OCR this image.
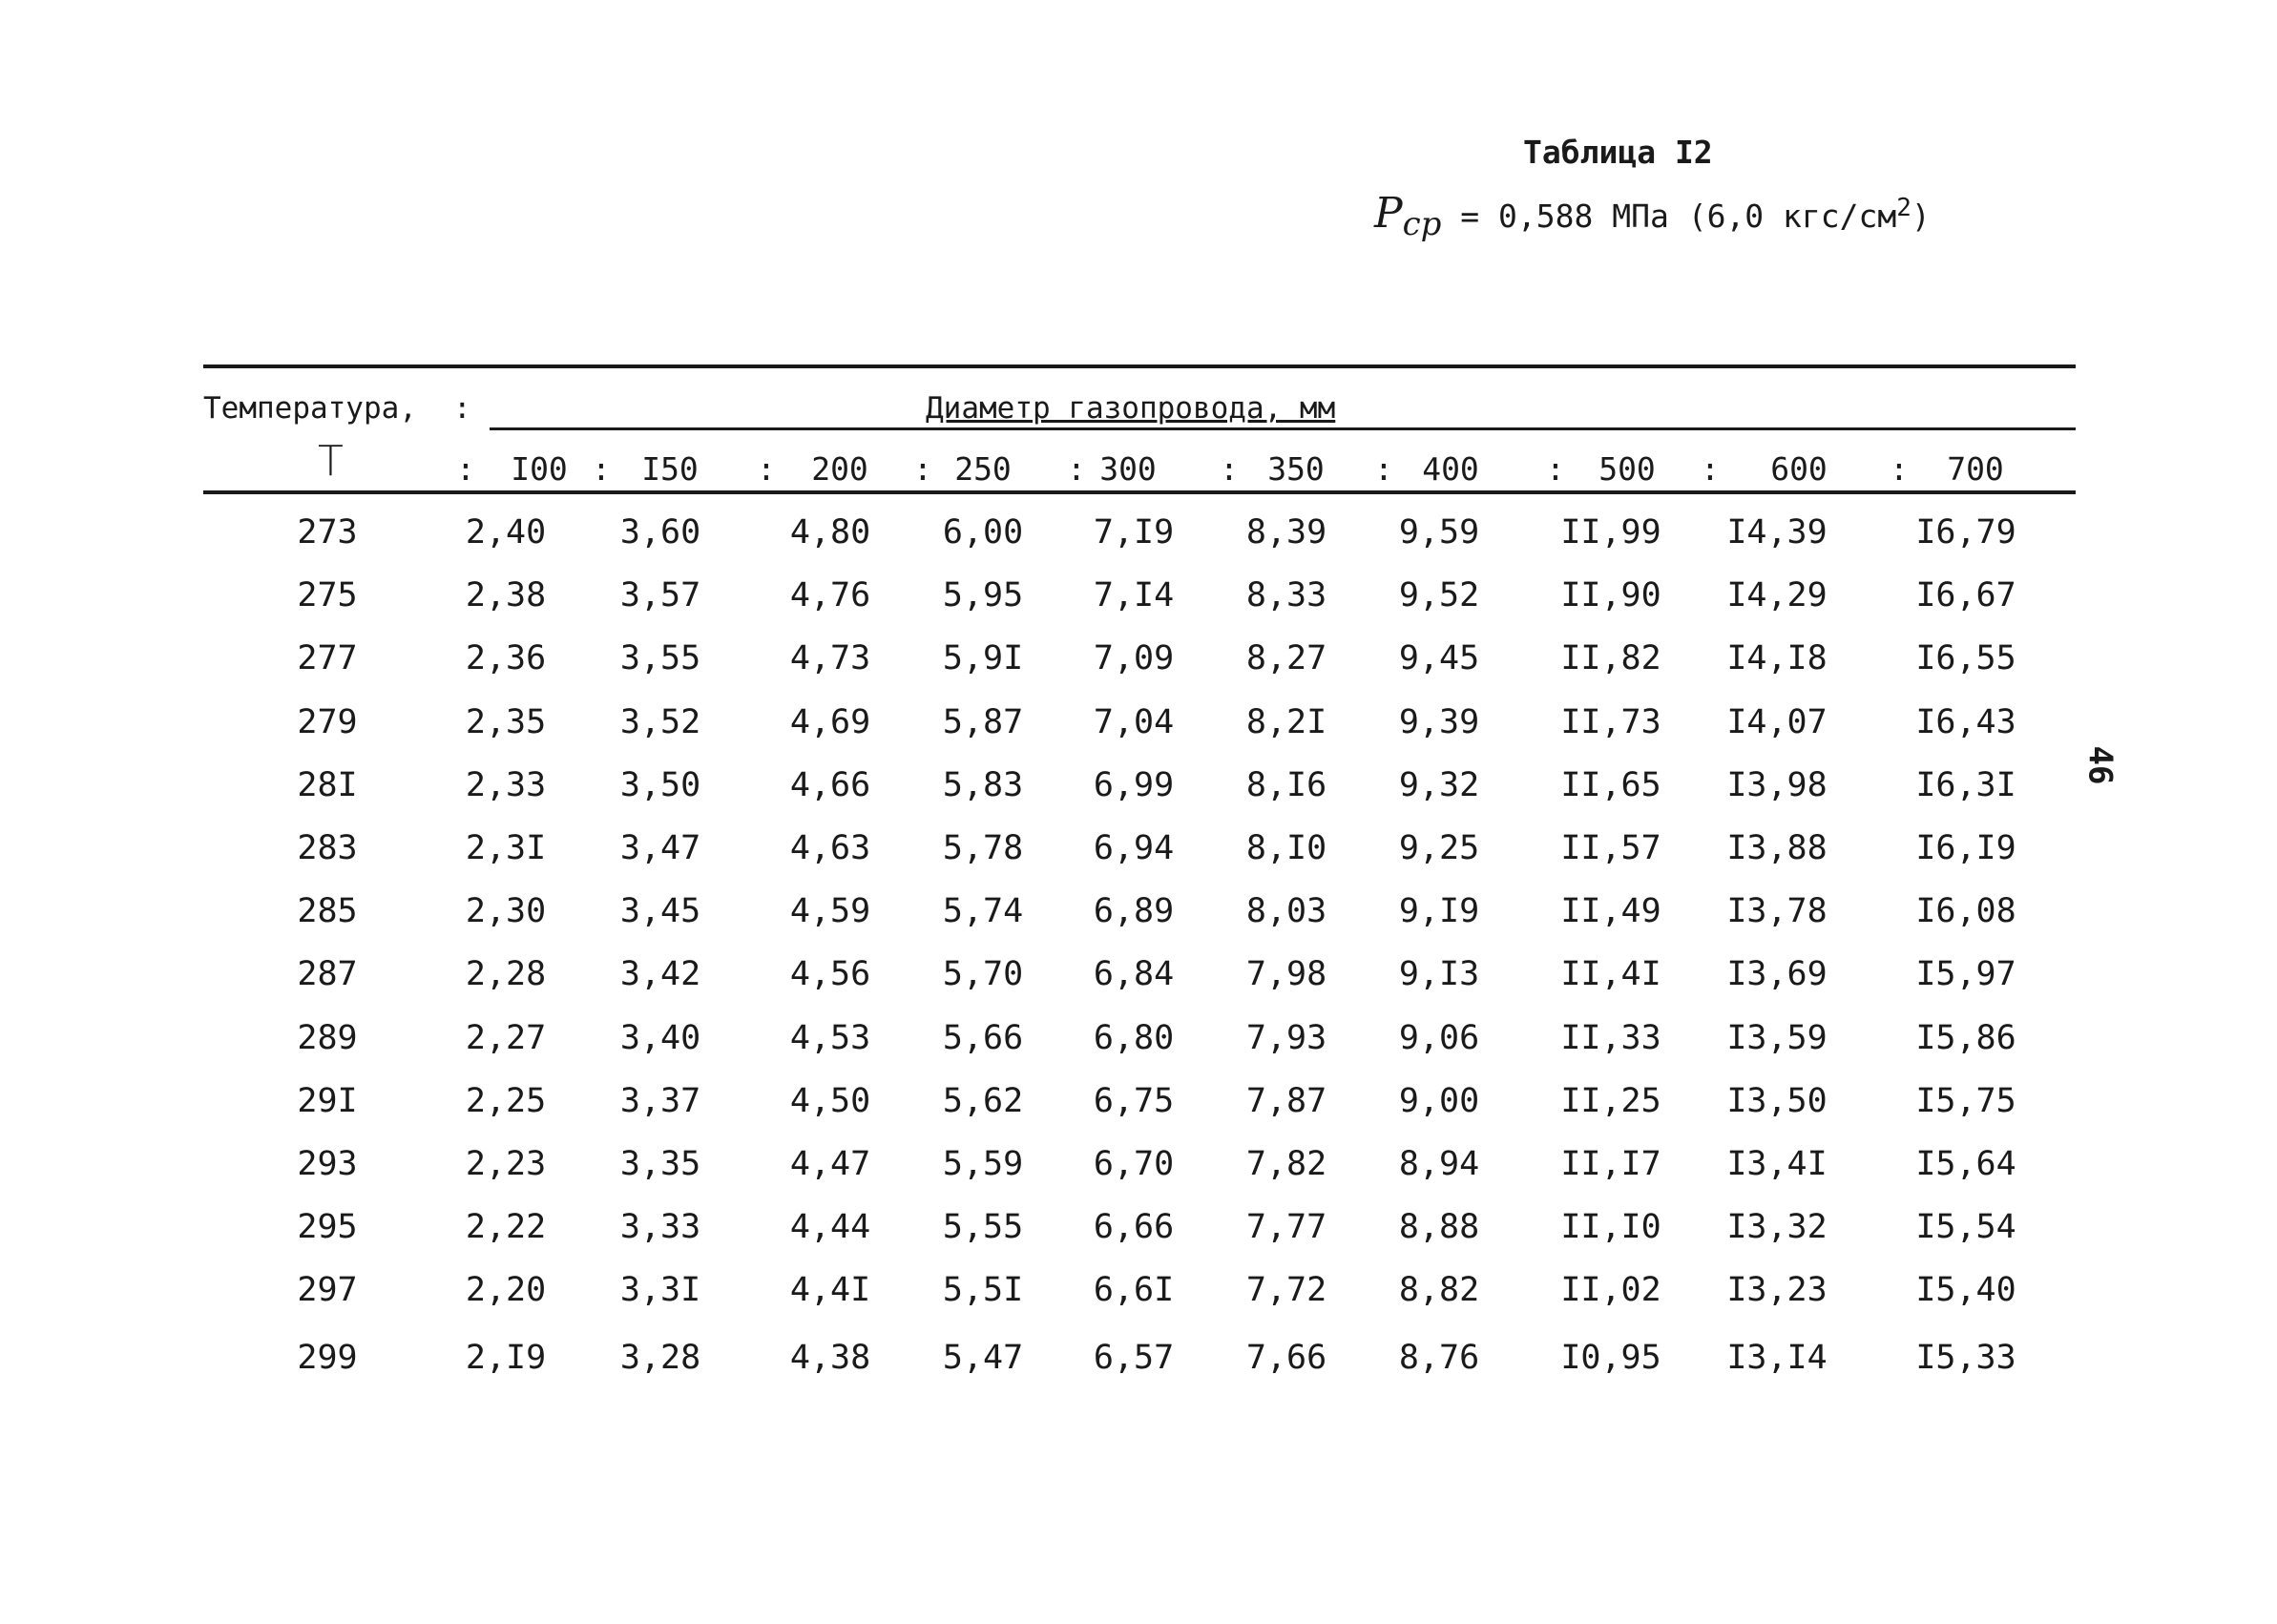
Таблица I2
Pср = 0,588 МПа (6,0 кгс/$см^2$)
46
Температура, :	Диаметр газопровода, мм
T	: I00 : I50 : 200 : 250 : 300 : 350 : 400 : 500 : 600 : 700
273	2,40 3,60	4,80 6,00 7,I9 8,39 9,59 II,99 I4,39	I6,79
275	2,38 3,57	4,76 5,95 7,I4 8,33 9,52 II,90 I4,29	I6,67
277	2,36 3,55	4,73 5,9I 7,09 8,27 9,45 II,82 I4,I8	I6,55
279	2,35 3,52	4,69 5,87 7,04 8,2I 9,39 II,73 I4,07	I6,43
28I	2,33 3,50	4,66 5,83 6,99 8,I6 9,32 II,65 I3,98	I6,3I
283	2,3I 3,47	4,63 5,78 6,94 8,I0 9,25 II,57 I3,88	I6,I9
285	2,30 3,45	4,59 5,74 6,89 8,03 9,I9 II,49 I3,78	I6,08
287	2,28 3,42	4,56 5,70 6,84 7,98 9,I3 II,4I I3,69	I5,97
289	2,27 3,40	4,53 5,66 6,80 7,93 9,06 II,33 I3,59	I5,86
29I	2,25 3,37	4,50 5,62 6,75 7,87 9,00 II,25 I3,50	I5,75
293	2,23 3,35	4,47 5,59 6,70 7,82 8,94 II,I7 I3,4I	I5,64
295	2,22 3,33	4,44 5,55 6,66 7,77 8,88 II,I0 I3,32	I5,54
297	2,20 3,3I	4,4I 5,5I 6,6I 7,72 8,82 II,02 I3,23	I5,40
299	2,I9 3,28	4,38 5,47 6,57 7,66 8,76 I0,95 I3,I4	I5,33
